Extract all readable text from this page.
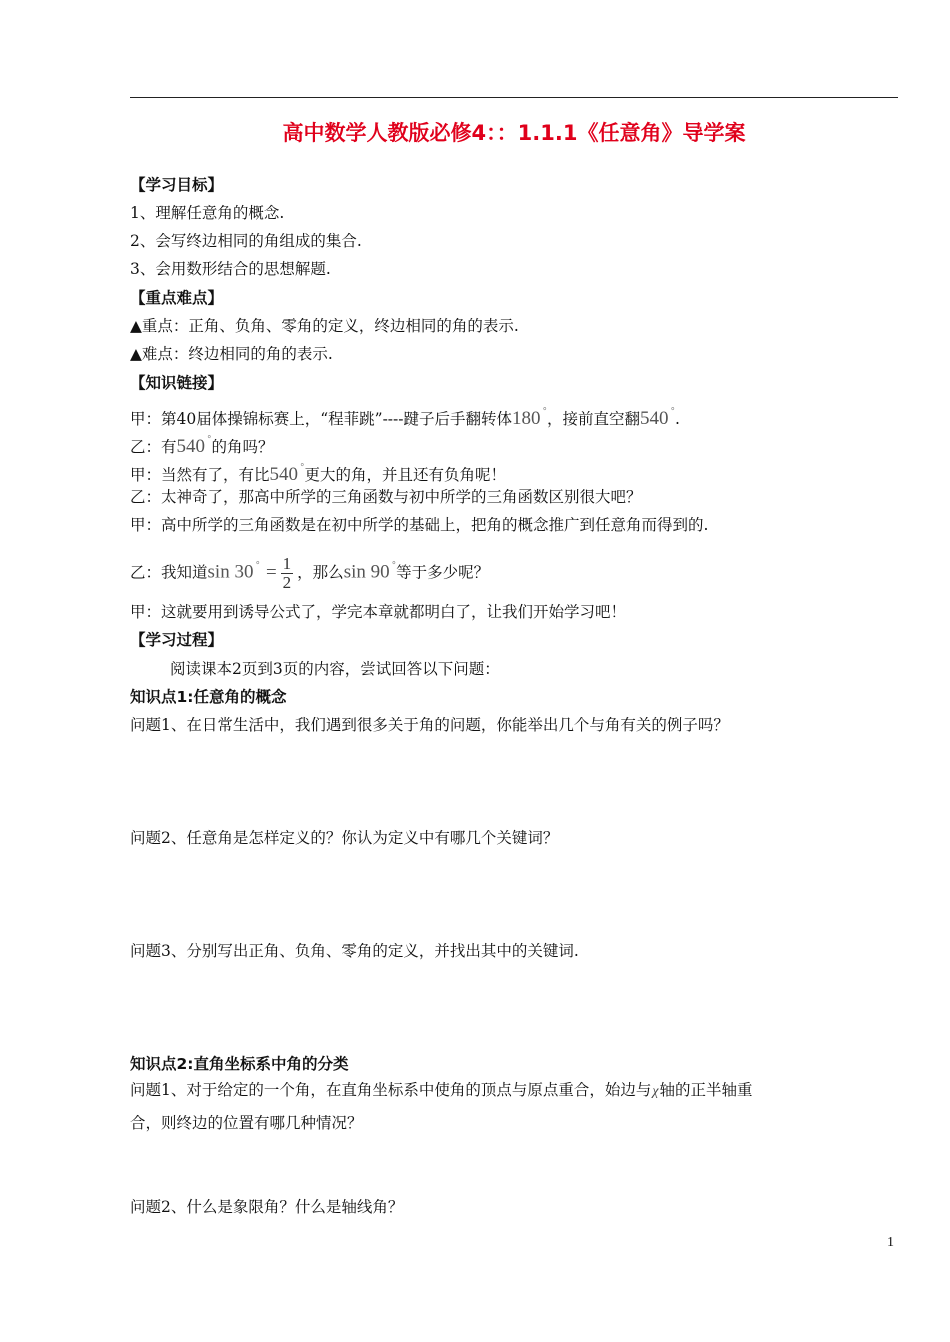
高中数学人教版必修4：：1.1.1《任意角》导学案
【学习目标】
1、理解任意角的概念.
2、会写终边相同的角组成的集合.
3、会用数形结合的思想解题.
【重点难点】
▲重点：正角、负角、零角的定义，终边相同的角的表示.
▲难点：终边相同的角的表示.
【知识链接】
甲：第40届体操锦标赛上，“程菲跳”----踺子后手翻转体180 °，接前直空翻540 °.
乙：有540 °的角吗？
甲：当然有了，有比540 °更大的角，并且还有负角呢！
乙：太神奇了，那高中所学的三角函数与初中所学的三角函数区别很大吧？
甲：高中所学的三角函数是在初中所学的基础上，把角的概念推广到任意角而得到的.
乙：我知道sin 30 $^\circ = \frac{1}{2}$ ，那么sin 90 °等于多少呢？
甲：这就要用到诱导公式了，学完本章就都明白了，让我们开始学习吧！
【学习过程】
阅读课本2页到3页的内容，尝试回答以下问题：
知识点1:任意角的概念
问题1、在日常生活中，我们遇到很多关于角的问题，你能举出几个与角有关的例子吗？
问题2、任意角是怎样定义的？你认为定义中有哪几个关键词？
问题3、分别写出正角、负角、零角的定义，并找出其中的关键词.
知识点2:直角坐标系中角的分类
问题1、对于给定的一个角，在直角坐标系中使角的顶点与原点重合，始边与χ轴的正半轴重
合，则终边的位置有哪几种情况？
问题2、什么是象限角？什么是轴线角？
1
